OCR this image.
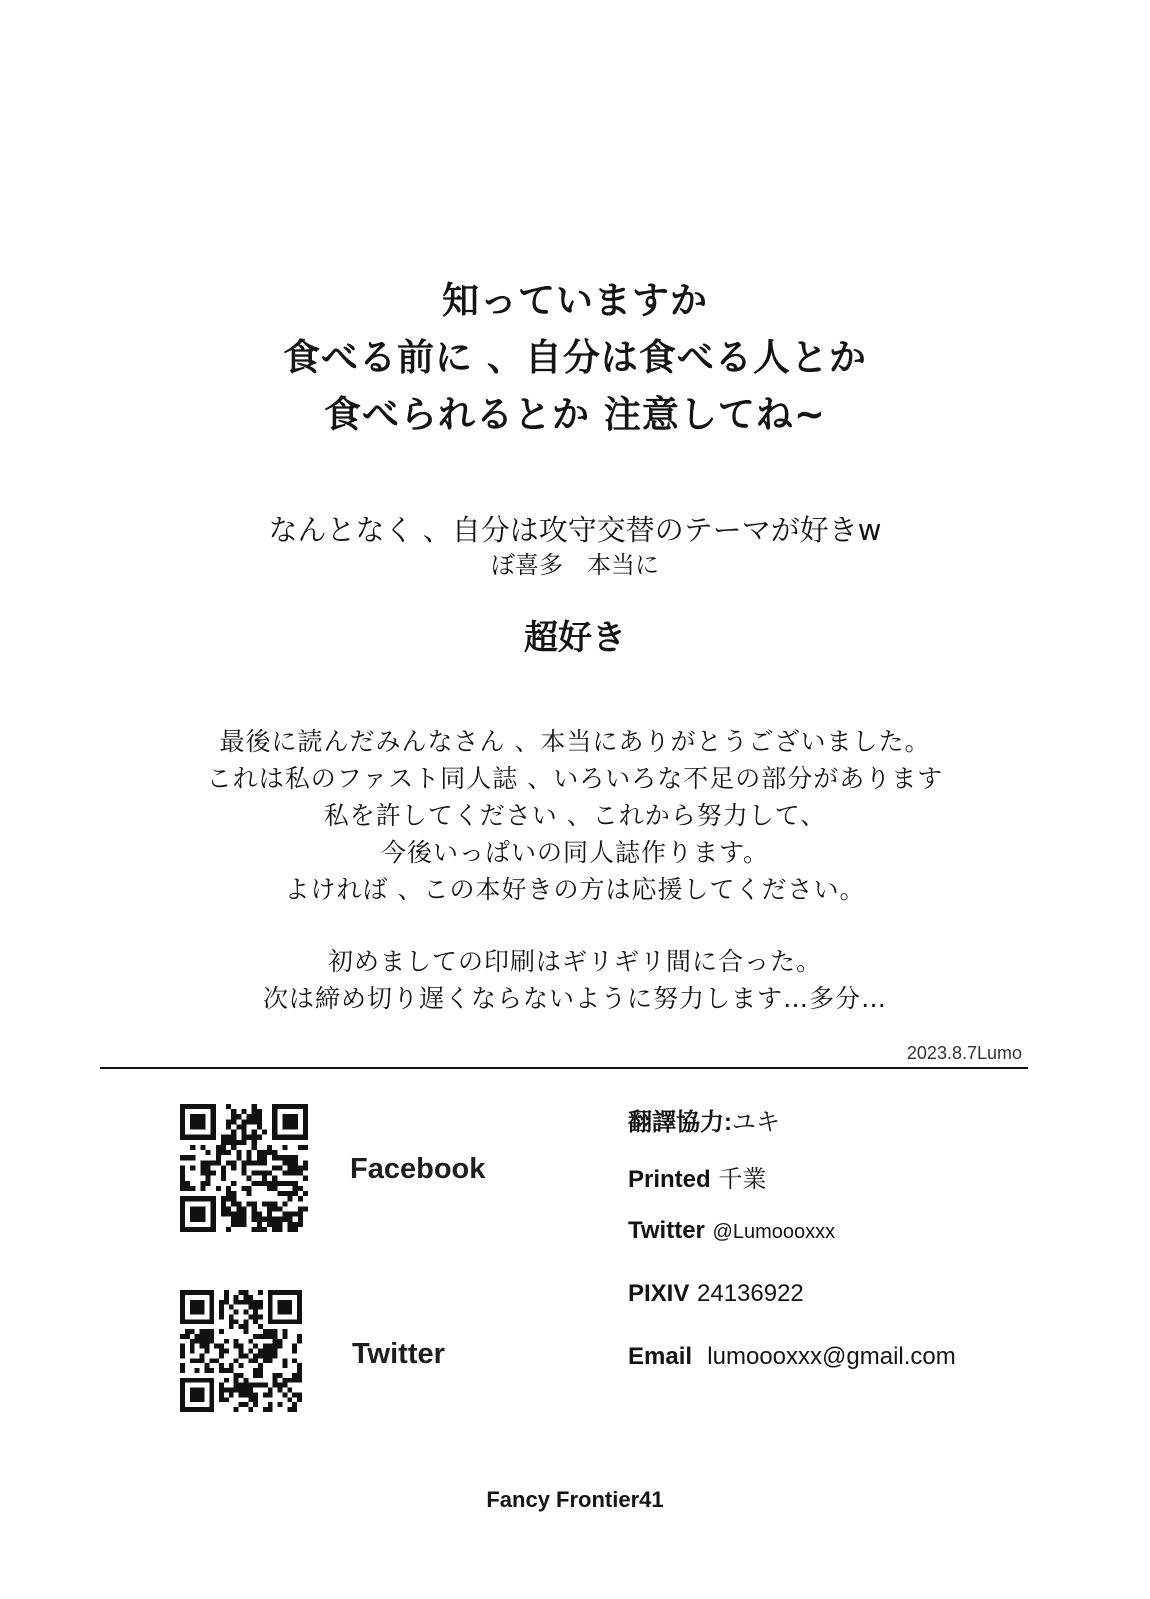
知っていますか
食べる前に 、自分は食べる人とか
食べられるとか 注意してね~
なんとなく 、自分は攻守交替のテーマが好きw
ぼ喜多　本当に
超好き
最後に読んだみんなさん 、本当にありがとうございました。
これは私のファスト同人誌 、いろいろな不足の部分があります
私を許してください 、これから努力して、
今後いっぱいの同人誌作ります。
よければ 、この本好きの方は応援してください。
初めましての印刷はギリギリ間に合った。
次は締め切り遅くならないように努力します…多分…
2023.8.7Lumo
Facebook
Twitter
翻譯協力:ユキ
Printed 千業
Twitter @Lumoooxxx
PIXIV 24136922
Email lumoooxxx@gmail.com
Fancy Frontier41
